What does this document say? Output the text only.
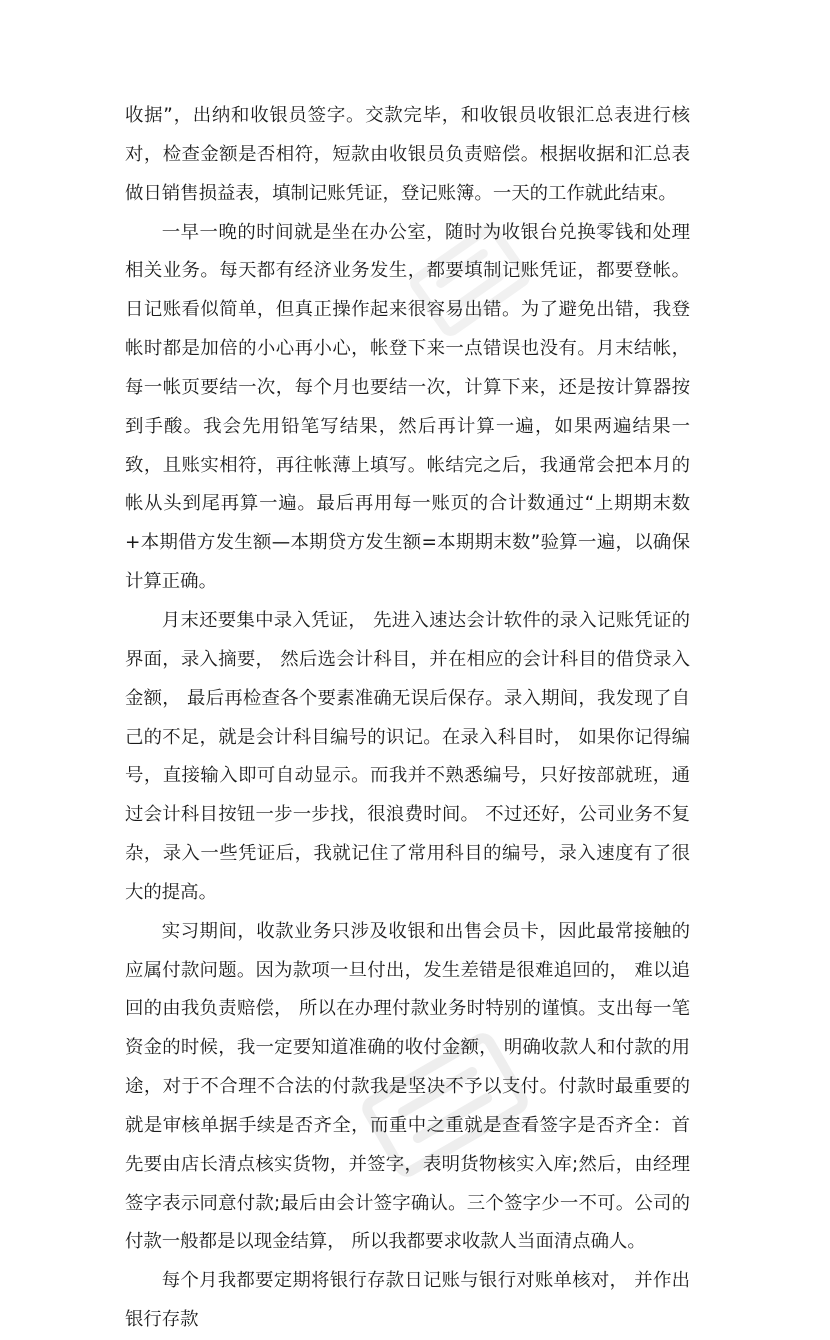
收据”，出纳和收银员签字。交款完毕，和收银员收银汇总表进行核对，检查金额是否相符，短款由收银员负责赔偿。根据收据和汇总表做日销售损益表，填制记账凭证，登记账簿。一天的工作就此结束。

一早一晚的时间就是坐在办公室，随时为收银台兑换零钱和处理相关业务。每天都有经济业务发生，都要填制记账凭证，都要登帐。日记账看似简单，但真正操作起来很容易出错。为了避免出错，我登帐时都是加倍的小心再小心，帐登下来一点错误也没有。月末结帐，每一帐页要结一次，每个月也要结一次，计算下来，还是按计算器按到手酸。我会先用铅笔写结果，然后再计算一遍，如果两遍结果一致，且账实相符，再往帐薄上填写。帐结完之后，我通常会把本月的帐从头到尾再算一遍。最后再用每一账页的合计数通过“上期期末数+本期借方发生额—本期贷方发生额=本期期末数”验算一遍，以确保计算正确。

月末还要集中录入凭证， 先进入速达会计软件的录入记账凭证的界面，录入摘要， 然后选会计科目，并在相应的会计科目的借贷录入金额， 最后再检查各个要素准确无误后保存。录入期间，我发现了自己的不足，就是会计科目编号的识记。在录入科目时， 如果你记得编号，直接输入即可自动显示。而我并不熟悉编号，只好按部就班，通过会计科目按钮一步一步找，很浪费时间。 不过还好，公司业务不复杂，录入一些凭证后，我就记住了常用科目的编号，录入速度有了很大的提高。

实习期间，收款业务只涉及收银和出售会员卡，因此最常接触的应属付款问题。因为款项一旦付出，发生差错是很难追回的， 难以追回的由我负责赔偿， 所以在办理付款业务时特别的谨慎。支出每一笔资金的时候，我一定要知道准确的收付金额， 明确收款人和付款的用途，对于不合理不合法的付款我是坚决不予以支付。付款时最重要的就是审核单据手续是否齐全，而重中之重就是查看签字是否齐全：首先要由店长清点核实货物，并签字，表明货物核实入库;然后，由经理签字表示同意付款;最后由会计签字确认。三个签字少一不可。公司的付款一般都是以现金结算， 所以我都要求收款人当面清点确人。

每个月我都要定期将银行存款日记账与银行对账单核对， 并作出银行存款
